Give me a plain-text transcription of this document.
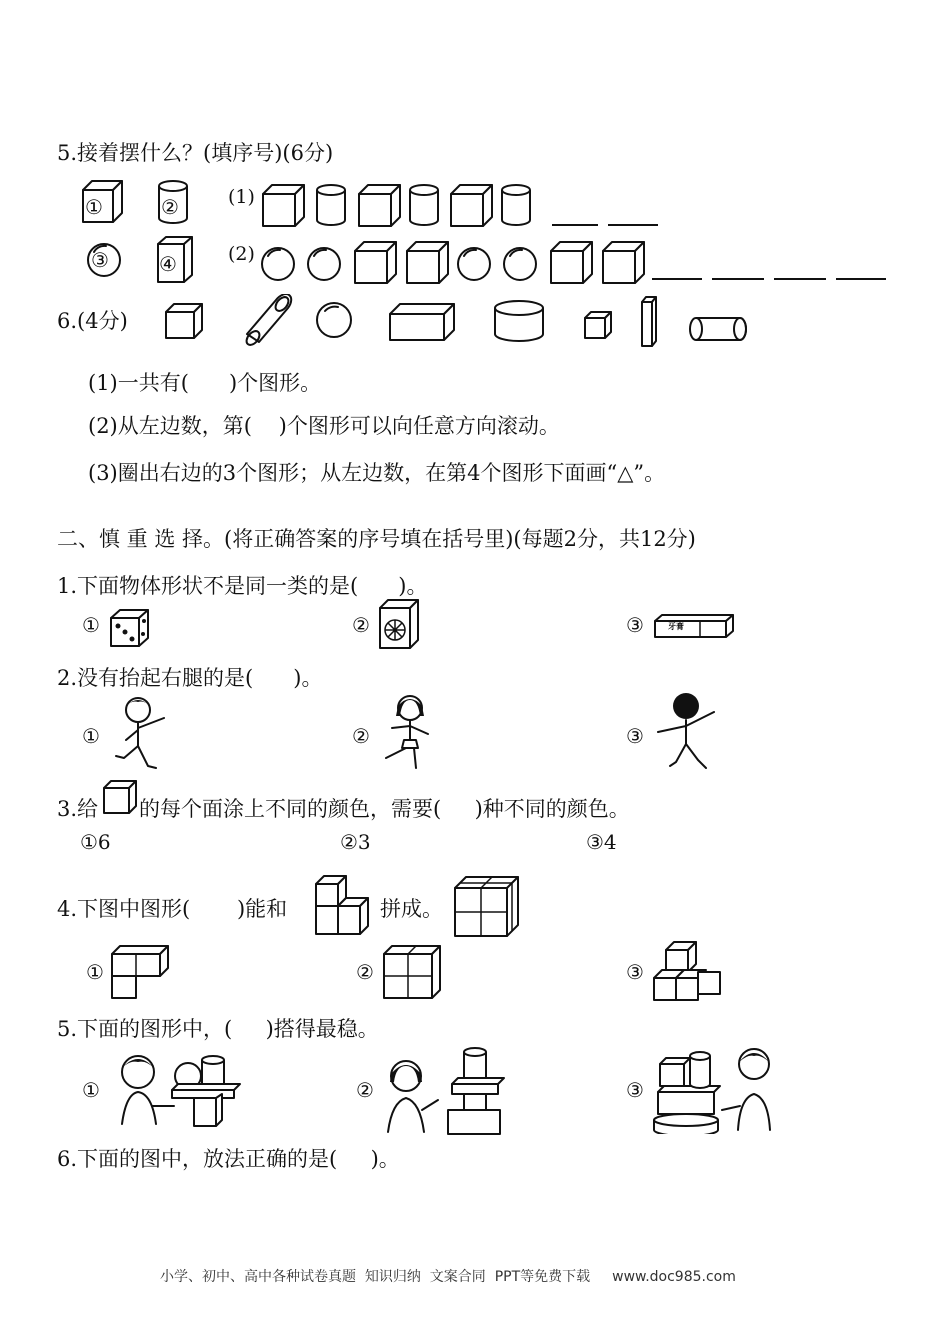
5.接着摆什么？(填序号)(6分)
①	②
③	④
(1)
(2)
6.(4分)
(1)一共有(      )个图形。
(2)从左边数，第(    )个图形可以向任意方向滚动。
(3)圈出右边的3个图形；从左边数，在第4个图形下面画“△”。
二、慎 重 选 择。(将正确答案的序号填在括号里)(每题2分，共12分)
1.下面物体形状不是同一类的是(      )。
①	②	③	牙膏
2.没有抬起右腿的是(      )。
①	②	③
3.给 的每个面涂上不同的颜色，需要(     )种不同的颜色。
①6	②3	③4
4.下图中图形(       )能和	拼成。
①	②	③
5.下面的图形中，(     )搭得最稳。
①	②	③
6.下面的图中，放法正确的是(     )。
小学、初中、高中各种试卷真题  知识归纳  文案合同  PPT等免费下载 www.doc985.com
